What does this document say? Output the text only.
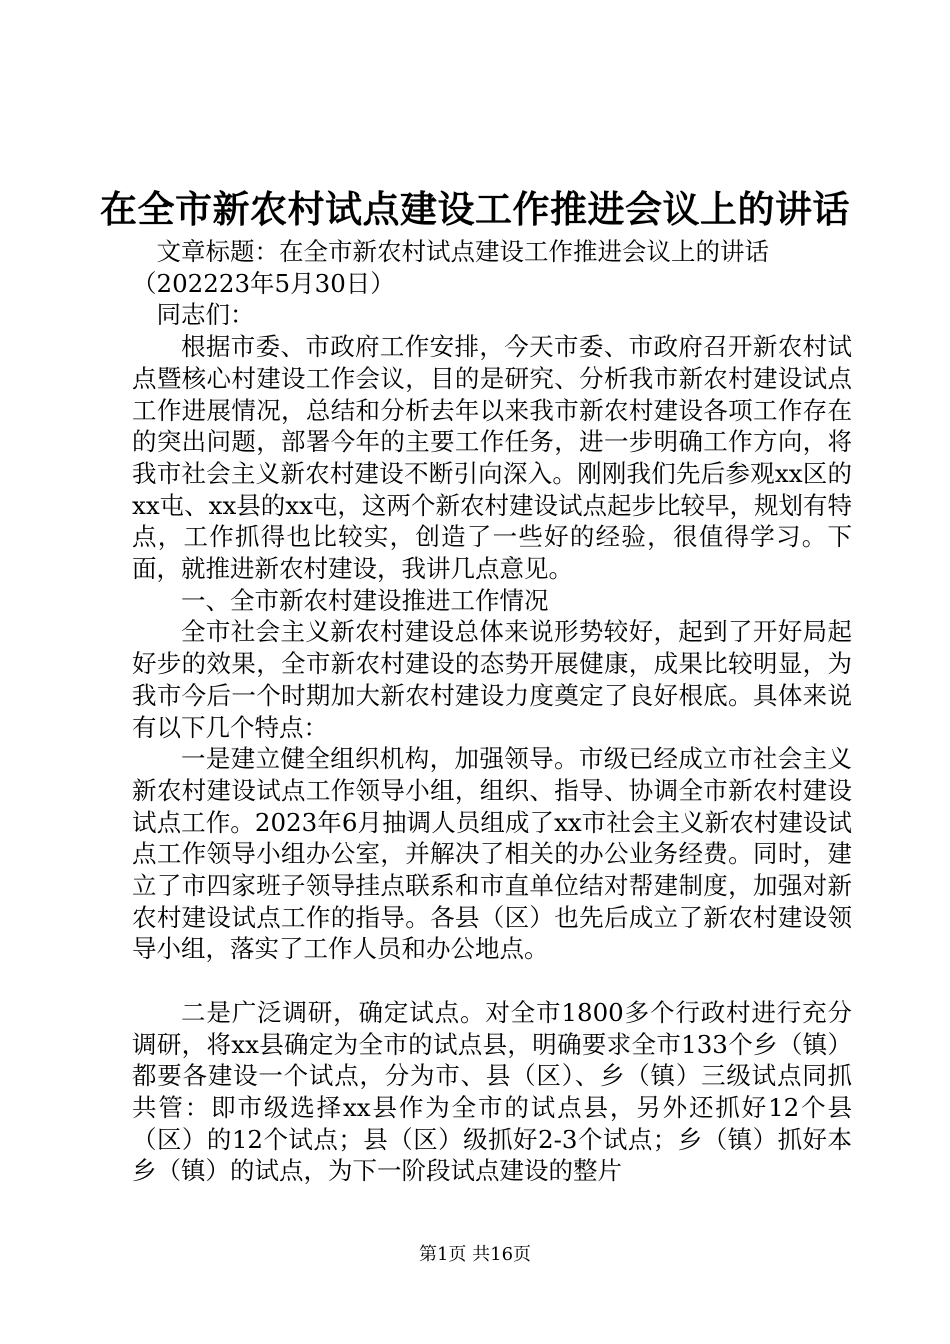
在全市新农村试点建设工作推进会议上的讲话

文章标题：在全市新农村试点建设工作推进会议上的讲话

（202223年5月30日）

同志们：

根据市委、市政府工作安排，今天市委、市政府召开新农村试点暨核心村建设工作会议，目的是研究、分析我市新农村建设试点工作进展情况，总结和分析去年以来我市新农村建设各项工作存在的突出问题，部署今年的主要工作任务，进一步明确工作方向，将我市社会主义新农村建设不断引向深入。刚刚我们先后参观xx区的xx屯、xx县的xx屯，这两个新农村建设试点起步比较早，规划有特点，工作抓得也比较实，创造了一些好的经验，很值得学习。下面，就推进新农村建设，我讲几点意见。

一、全市新农村建设推进工作情况

全市社会主义新农村建设总体来说形势较好，起到了开好局起好步的效果，全市新农村建设的态势开展健康，成果比较明显，为我市今后一个时期加大新农村建设力度奠定了良好根底。具体来说有以下几个特点：

一是建立健全组织机构，加强领导。市级已经成立市社会主义新农村建设试点工作领导小组，组织、指导、协调全市新农村建设试点工作。2023年6月抽调人员组成了xx市社会主义新农村建设试点工作领导小组办公室，并解决了相关的办公业务经费。同时，建立了市四家班子领导挂点联系和市直单位结对帮建制度，加强对新农村建设试点工作的指导。各县（区）也先后成立了新农村建设领导小组，落实了工作人员和办公地点。

二是广泛调研，确定试点。对全市1800多个行政村进行充分调研，将xx县确定为全市的试点县，明确要求全市133个乡（镇）都要各建设一个试点，分为市、县（区）、乡（镇）三级试点同抓共管：即市级选择xx县作为全市的试点县，另外还抓好12个县（区）的12个试点；县（区）级抓好2-3个试点；乡（镇）抓好本乡（镇）的试点，为下一阶段试点建设的整片

第1页 共16页
